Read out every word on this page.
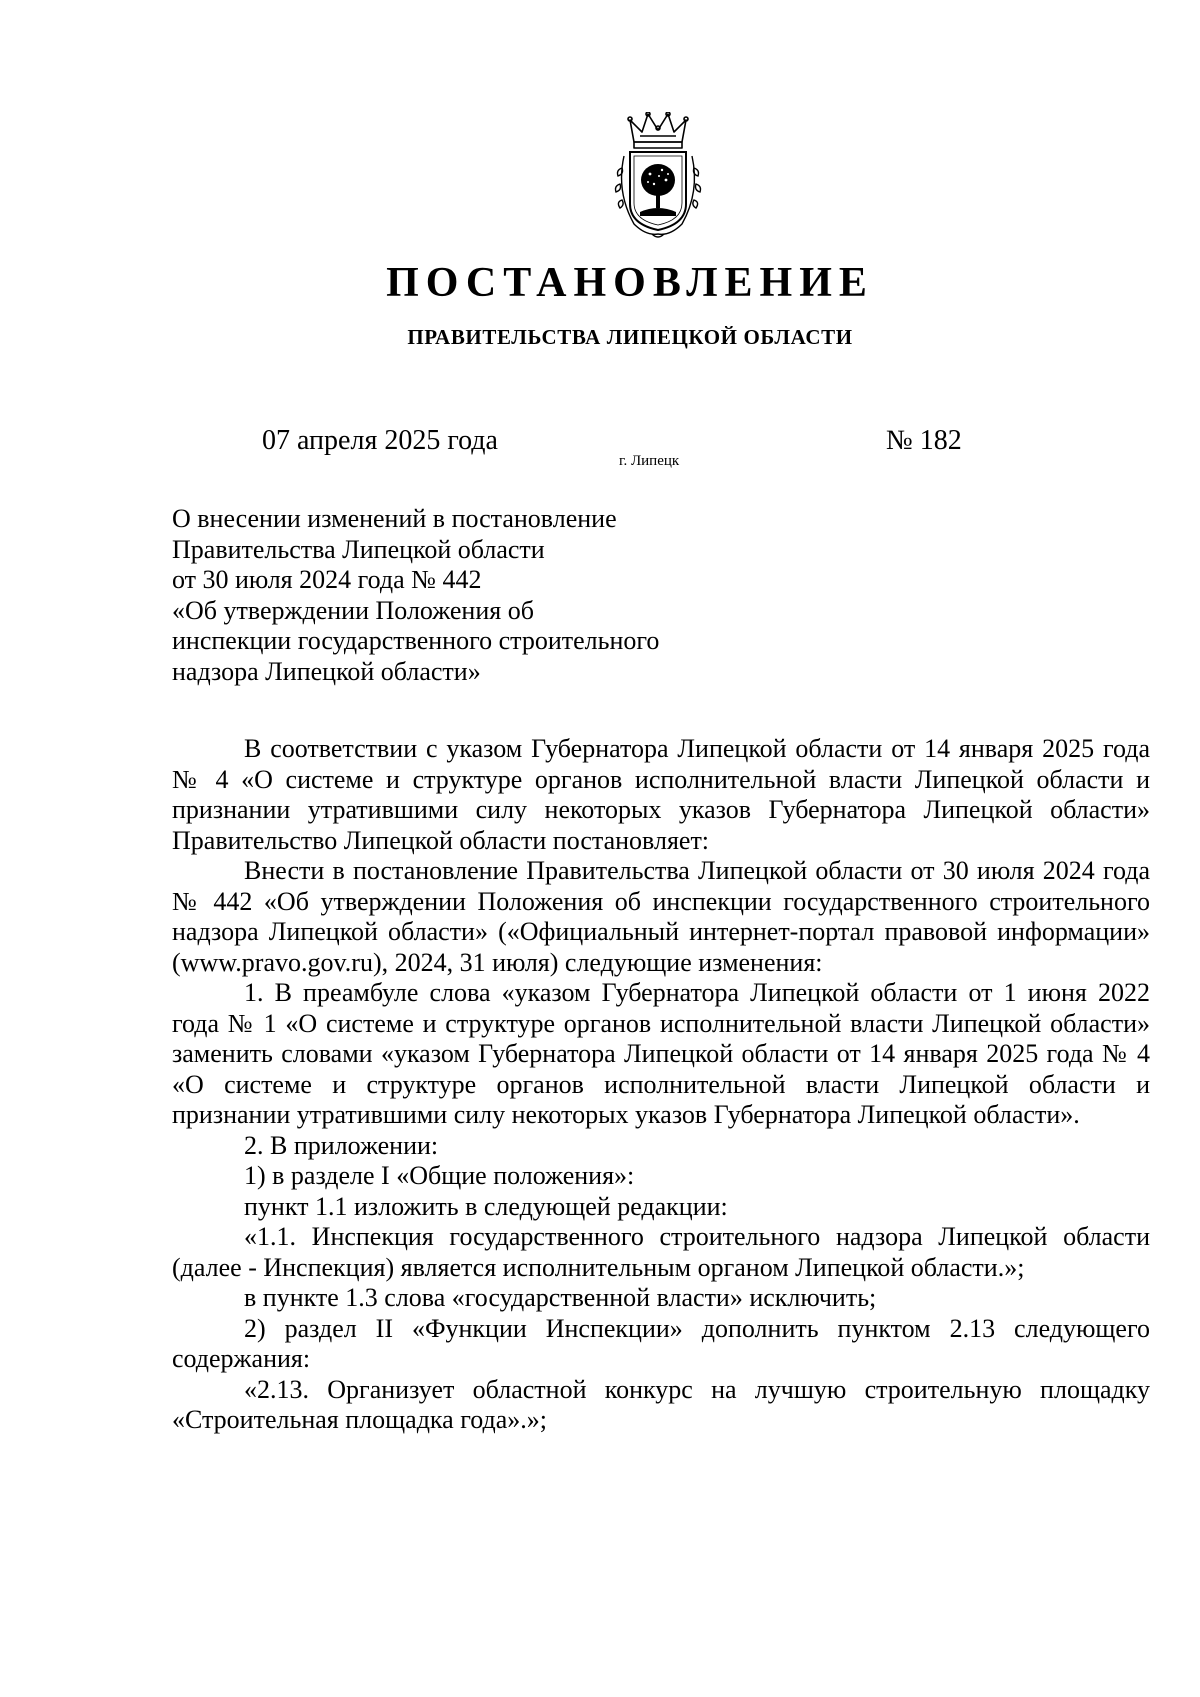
ПОСТАНОВЛЕНИЕ
ПРАВИТЕЛЬСТВА ЛИПЕЦКОЙ ОБЛАСТИ
07 апреля 2025 года
г. Липецк
№ 182
О внесении изменений в постановление
Правительства Липецкой области
от 30 июля 2024 года № 442
«Об утверждении Положения об
инспекции государственного строительного
надзора Липецкой области»

В соответствии с указом Губернатора Липецкой области от 14 января 2025 года № 4 «О системе и структуре органов исполнительной власти Липецкой области и признании утратившими силу некоторых указов Губернатора Липецкой области» Правительство Липецкой области постановляет:

Внести в постановление Правительства Липецкой области от 30 июля 2024 года № 442 «Об утверждении Положения об инспекции государственного строительного надзора Липецкой области» («Официальный интернет-портал правовой информации» (www.pravo.gov.ru), 2024, 31 июля) следующие изменения:

1. В преамбуле слова «указом Губернатора Липецкой области от 1 июня 2022 года № 1 «О системе и структуре органов исполнительной власти Липецкой области» заменить словами «указом Губернатора Липецкой области от 14 января 2025 года № 4 «О системе и структуре органов исполнительной власти Липецкой области и признании утратившими силу некоторых указов Губернатора Липецкой области».

2. В приложении:

1) в разделе I «Общие положения»:

пункт 1.1 изложить в следующей редакции:

«1.1. Инспекция государственного строительного надзора Липецкой области (далее - Инспекция) является исполнительным органом Липецкой области.»;

в пункте 1.3 слова «государственной власти» исключить;

2) раздел II «Функции Инспекции» дополнить пунктом 2.13 следующего содержания:

«2.13. Организует областной конкурс на лучшую строительную площадку «Строительная площадка года».»;
